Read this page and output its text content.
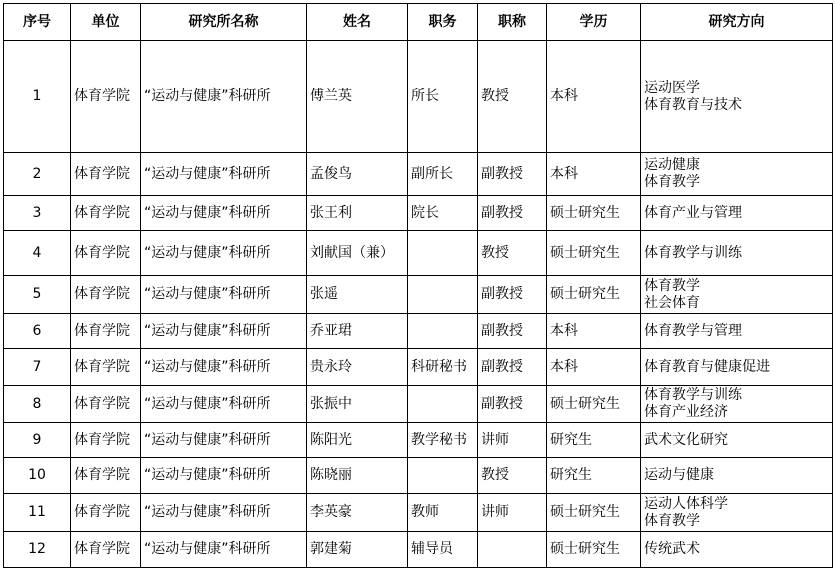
序号	单位	研究所名称	姓名	职务	职称	学历	研究方向
1	体育学院	“运动与健康”科研所	傅兰英	所长	教授	本科	运动医学
体育教育与技术

2	体育学院	“运动与健康”科研所	孟俊鸟	副所长	副教授	本科	运动健康
体育教学

3	体育学院	“运动与健康”科研所	张王利	院长	副教授	硕士研究生	体育产业与管理

4	体育学院	“运动与健康”科研所	刘献国（兼）		教授	硕士研究生	体育教学与训练

5	体育学院	“运动与健康”科研所	张遥		副教授	硕士研究生	体育教学
社会体育

6	体育学院	“运动与健康”科研所	乔亚珺		副教授	本科	体育教学与管理

7	体育学院	“运动与健康”科研所	贵永玲	科研秘书	副教授	本科	体育教育与健康促进

8	体育学院	“运动与健康”科研所	张振中		副教授	硕士研究生	体育教学与训练
体育产业经济

9	体育学院	“运动与健康”科研所	陈阳光	教学秘书	讲师	研究生	武术文化研究

10	体育学院	“运动与健康”科研所	陈晓丽		教授	研究生	运动与健康

11	体育学院	“运动与健康”科研所	李英豪	教师	讲师	硕士研究生	运动人体科学
体育教学

12	体育学院	“运动与健康”科研所	郭建菊	辅导员		硕士研究生	传统武术
